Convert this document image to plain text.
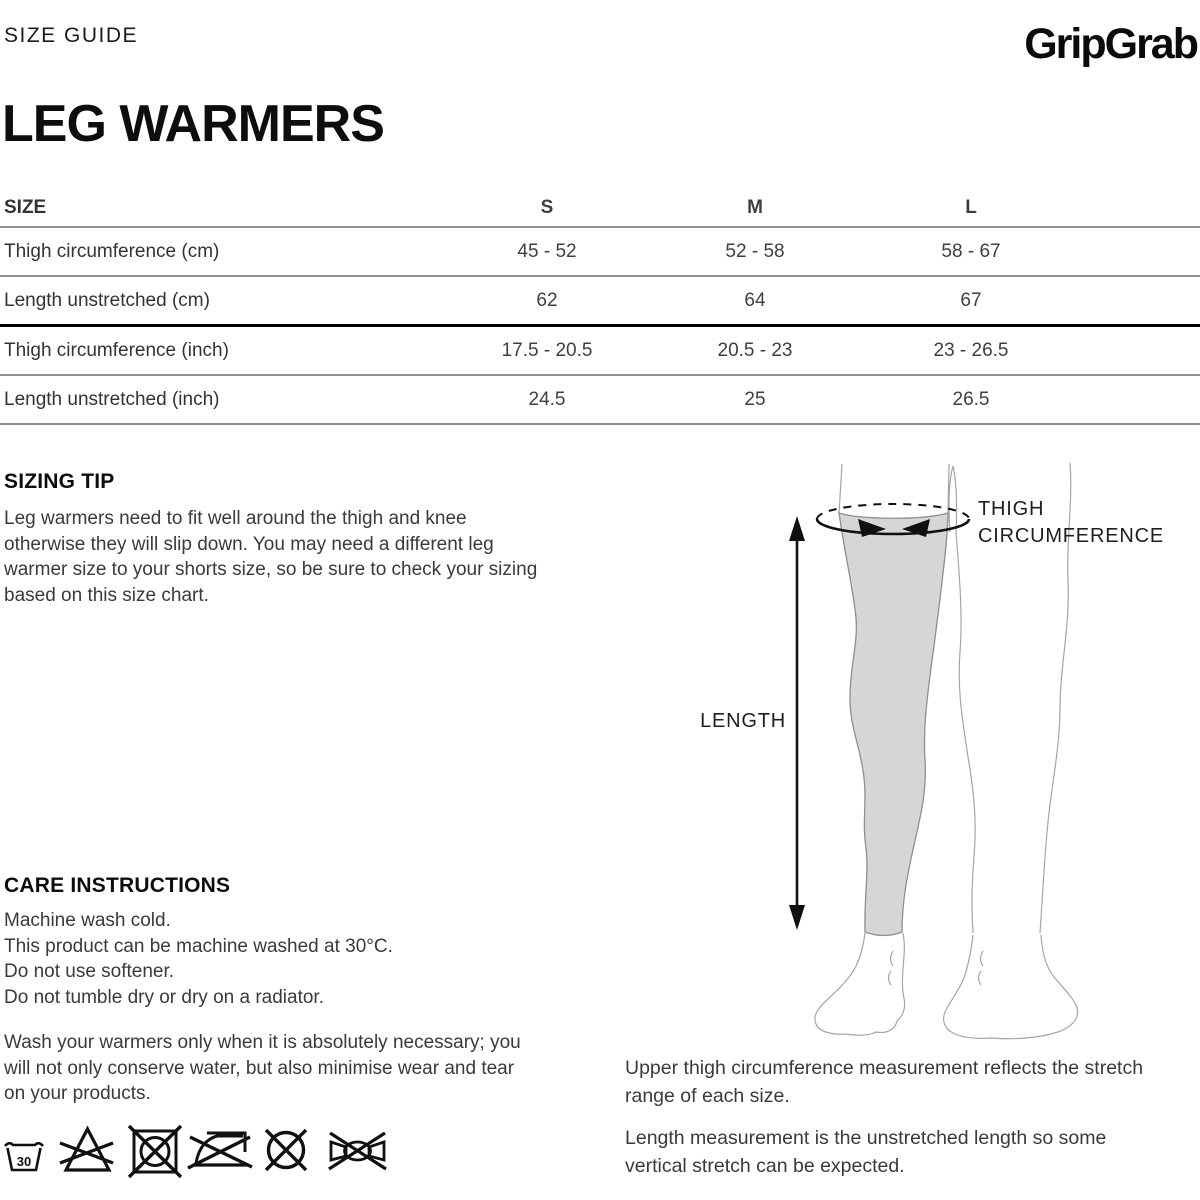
SIZE GUIDE	GripGrab
LEG WARMERS
SIZE	S	M	L
Thigh circumference (cm)	45 - 52	52 - 58	58 - 67
Length unstretched (cm)	62	64	67
Thigh circumference (inch)	17.5 - 20.5	20.5 - 23	23 - 26.5
Length unstretched (inch)	24.5	25	26.5
SIZING TIP
Leg warmers need to fit well around the thigh and knee
otherwise they will slip down. You may need a different leg
warmer size to your shorts size, so be sure to check your sizing
based on this size chart.
LENGTH
THIGH
CIRCUMFERENCE
CARE INSTRUCTIONS
Machine wash cold.
This product can be machine washed at 30°C.
Do not use softener.
Do not tumble dry or dry on a radiator.
Wash your warmers only when it is absolutely necessary; you
will not only conserve water, but also minimise wear and tear
on your products.
30
Upper thigh circumference measurement reflects the stretch
range of each size.
Length measurement is the unstretched length so some
vertical stretch can be expected.
